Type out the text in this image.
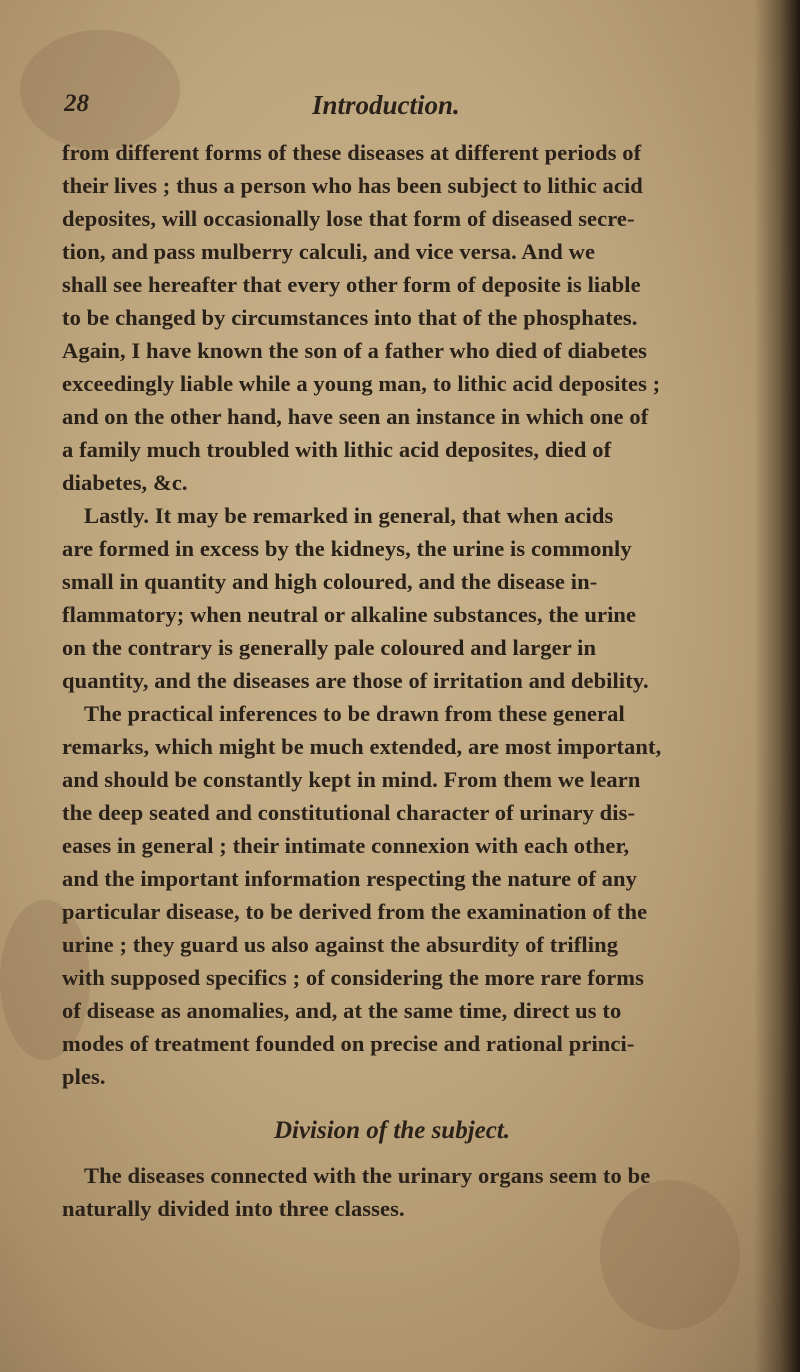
28	Introduction.
from different forms of these diseases at different periods of
their lives ; thus a person who has been subject to lithic acid
deposites, will occasionally lose that form of diseased secre-
tion, and pass mulberry calculi, and vice versa. And we
shall see hereafter that every other form of deposite is liable
to be changed by circumstances into that of the phosphates.
Again, I have known the son of a father who died of diabetes
exceedingly liable while a young man, to lithic acid deposites ;
and on the other hand, have seen an instance in which one of
a family much troubled with lithic acid deposites, died of
diabetes, &c.
Lastly. It may be remarked in general, that when acids
are formed in excess by the kidneys, the urine is commonly
small in quantity and high coloured, and the disease in-
flammatory; when neutral or alkaline substances, the urine
on the contrary is generally pale coloured and larger in
quantity, and the diseases are those of irritation and debility.
The practical inferences to be drawn from these general
remarks, which might be much extended, are most important,
and should be constantly kept in mind. From them we learn
the deep seated and constitutional character of urinary dis-
eases in general ; their intimate connexion with each other,
and the important information respecting the nature of any
particular disease, to be derived from the examination of the
urine ; they guard us also against the absurdity of trifling
with supposed specifics ; of considering the more rare forms
of disease as anomalies, and, at the same time, direct us to
modes of treatment founded on precise and rational princi-
ples.
Division of the subject.
The diseases connected with the urinary organs seem to be
naturally divided into three classes.
